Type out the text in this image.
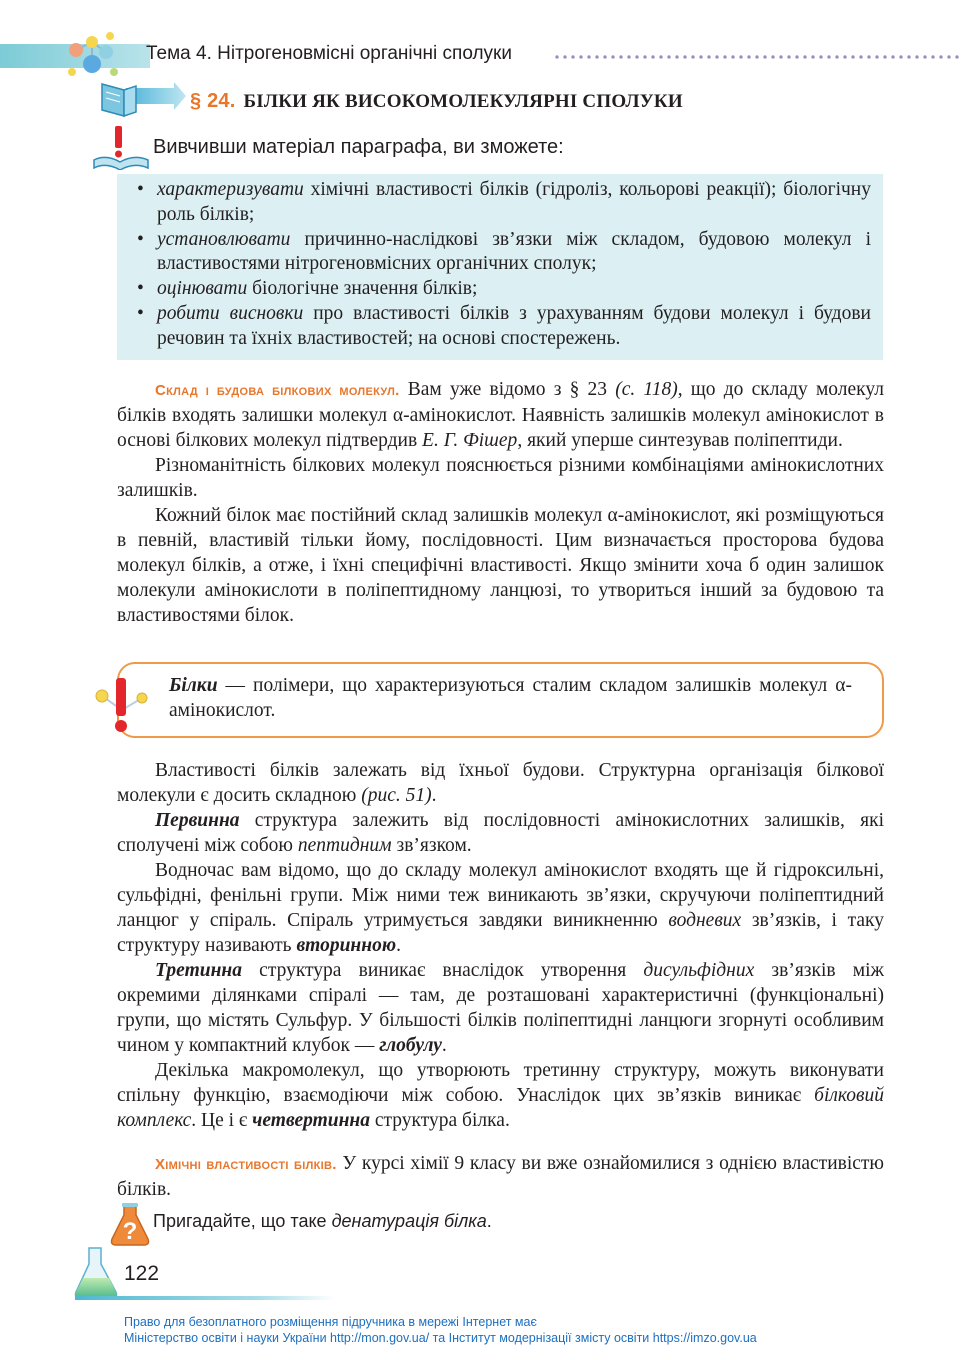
Тема 4. Нітрогеновмісні органічні сполуки
§ 24. БІЛКИ ЯК ВИСОКОМОЛЕКУЛЯРНІ СПОЛУКИ
Вивчивши матеріал параграфа, ви зможете:
• характеризувати хімічні властивості білків (гідроліз, кольорові реакції); біологічну роль білків;
• установлювати причинно-наслідкові зв’язки між складом, будовою молекул і властивостями нітрогеновмісних органічних сполук;
• оцінювати біологічне значення білків;
• робити висновки про властивості білків з урахуванням будови молекул і будови речовин та їхніх властивостей; на основі спостережень.

Склад і будова білкових молекул. Вам уже відомо з § 23 (с. 118), що до складу молекул білків входять залишки молекул α-амінокислот. Наявність залишків молекул амінокислот в основі білкових молекул підтвердив Е. Г. Фішер, який уперше синтезував поліпептиди.

Різноманітність білкових молекул пояснюється різними комбінаціями амінокислотних залишків.

Кожний білок має постійний склад залишків молекул α-амінокислот, які розміщуються в певній, властивій тільки йому, послідовності. Цим визначається просторова будова молекул білків, а отже, і їхні специфічні властивості. Якщо змінити хоча б один залишок молекули амінокислоти в поліпептидному ланцюзі, то утвориться інший за будовою та властивостями білок.

Білки — полімери, що характеризуються сталим складом залишків молекул α-амінокислот.

Властивості білків залежать від їхньої будови. Структурна організація білкової молекули є досить складною (рис. 51).

Первинна структура залежить від послідовності амінокислотних залишків, які сполучені між собою пептидним зв’язком.

Водночас вам відомо, що до складу молекул амінокислот входять ще й гідроксильні, сульфідні, фенільні групи. Між ними теж виникають зв’язки, скручуючи поліпептидний ланцюг у спіраль. Спіраль утримується завдяки виникненню водневих зв’язків, і таку структуру називають вторинною.

Третинна структура виникає внаслідок утворення дисульфідних зв’язків між окремими ділянками спіралі — там, де розташовані характеристичні (функціональні) групи, що містять Сульфур. У більшості білків поліпептидні ланцюги згорнуті особливим чином у компактний клубок — глобулу.

Декілька макромолекул, що утворюють третинну структуру, можуть виконувати спільну функцію, взаємодіючи між собою. Унаслідок цих зв’язків виникає білковий комплекс. Це і є четвертинна структура білка.

Хімічні властивості білків. У курсі хімії 9 класу ви вже ознайомилися з однією властивістю білків.

? Пригадайте, що таке денатурація білка.
122
Право для безоплатного розміщення підручника в мережі Інтернет має
Міністерство освіти і науки України http://mon.gov.ua/ та Інститут модернізації змісту освіти https://imzo.gov.ua
